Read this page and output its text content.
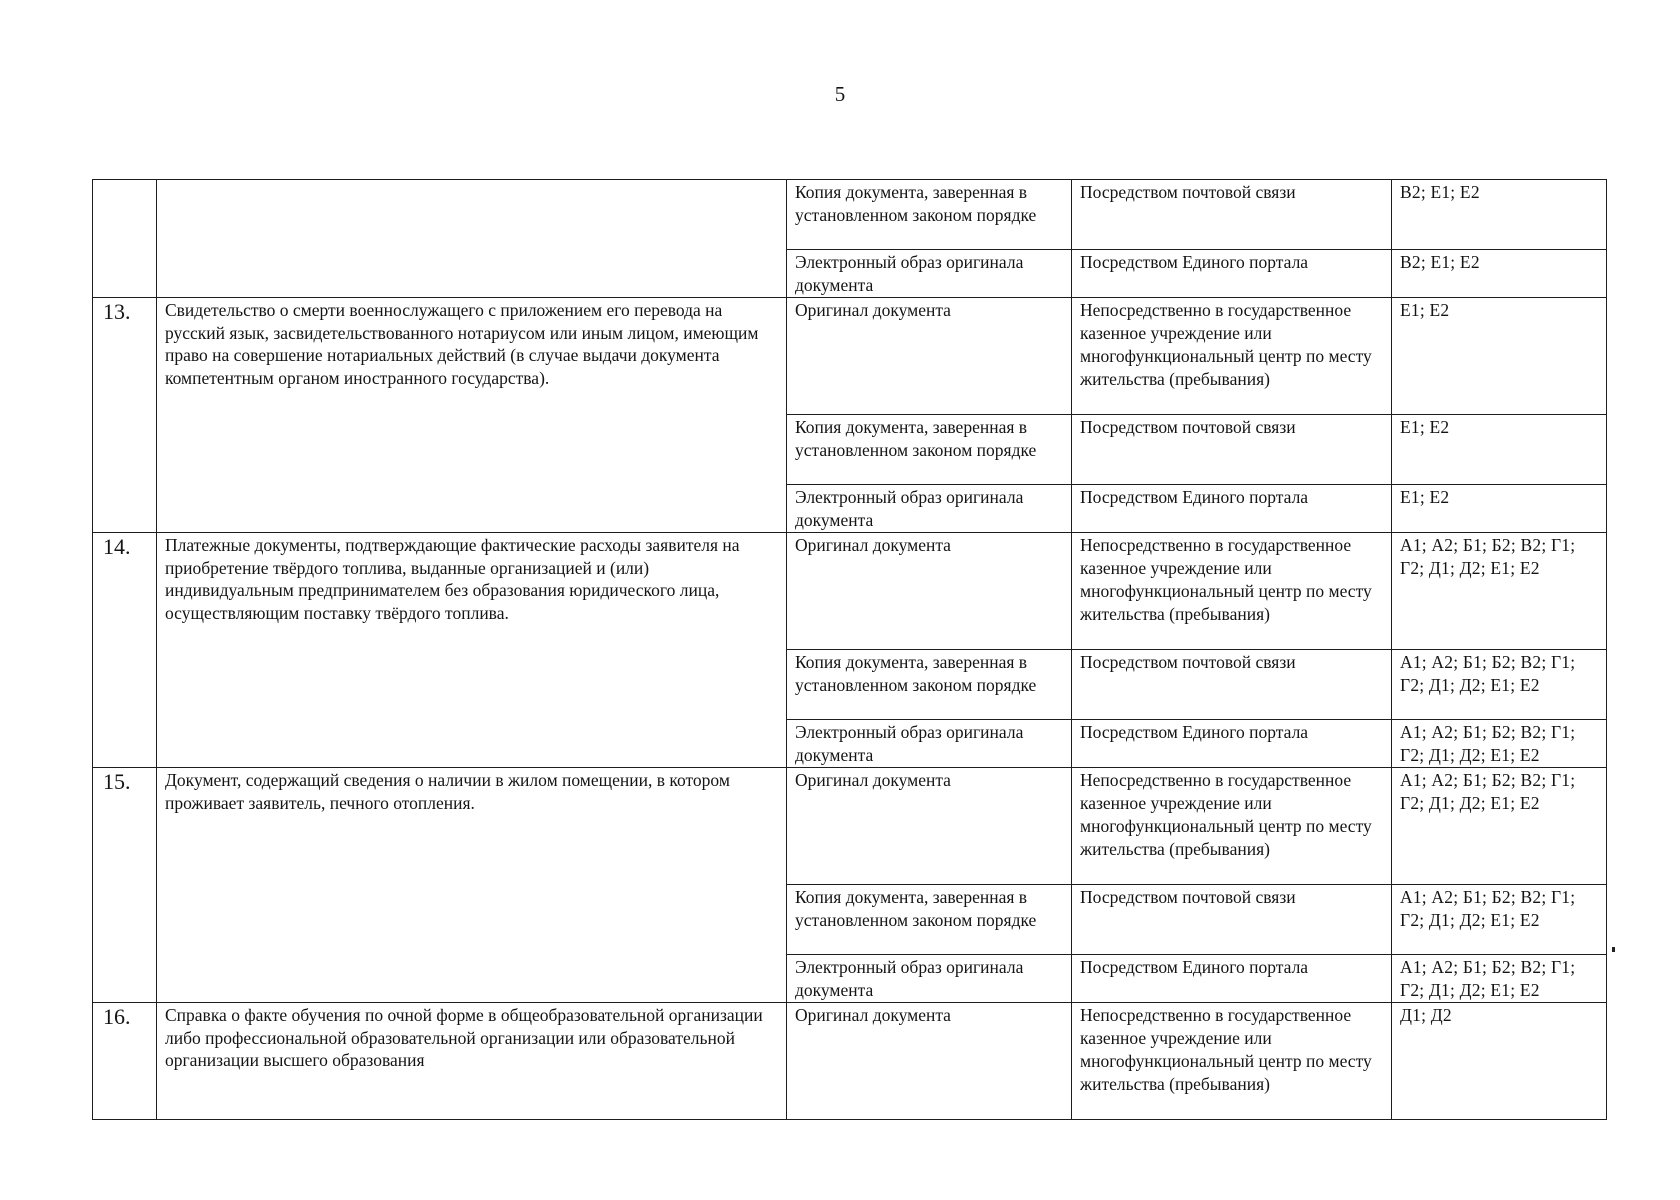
5
		Копия документа, заверенная в установленном законом порядке	Посредством почтовой связи	В2; Е1; Е2
		Электронный образ оригинала документа	Посредством Единого портала	В2; Е1; Е2
13.	Свидетельство о смерти военнослужащего с приложением его перевода на русский язык, засвидетельствованного нотариусом или иным лицом, имеющим право на совершение нотариальных действий (в случае выдачи документа компетентным органом иностранного государства).	Оригинал документа	Непосредственно в государственное казенное учреждение или многофункциональный центр по месту жительства (пребывания)	Е1; Е2
		Копия документа, заверенная в установленном законом порядке	Посредством почтовой связи	Е1; Е2
		Электронный образ оригинала документа	Посредством Единого портала	Е1; Е2
14.	Платежные документы, подтверждающие фактические расходы заявителя на приобретение твёрдого топлива, выданные организацией и (или) индивидуальным предпринимателем без образования юридического лица, осуществляющим поставку твёрдого топлива.	Оригинал документа	Непосредственно в государственное казенное учреждение или многофункциональный центр по месту жительства (пребывания)	А1; А2; Б1; Б2; В2; Г1; Г2; Д1; Д2; Е1; Е2
		Копия документа, заверенная в установленном законом порядке	Посредством почтовой связи	А1; А2; Б1; Б2; В2; Г1; Г2; Д1; Д2; Е1; Е2
		Электронный образ оригинала документа	Посредством Единого портала	А1; А2; Б1; Б2; В2; Г1; Г2; Д1; Д2; Е1; Е2
15.	Документ, содержащий сведения о наличии в жилом помещении, в котором проживает заявитель, печного отопления.	Оригинал документа	Непосредственно в государственное казенное учреждение или многофункциональный центр по месту жительства (пребывания)	А1; А2; Б1; Б2; В2; Г1; Г2; Д1; Д2; Е1; Е2
		Копия документа, заверенная в установленном законом порядке	Посредством почтовой связи	А1; А2; Б1; Б2; В2; Г1; Г2; Д1; Д2; Е1; Е2
		Электронный образ оригинала документа	Посредством Единого портала	А1; А2; Б1; Б2; В2; Г1; Г2; Д1; Д2; Е1; Е2
16.	Справка о факте обучения по очной форме в общеобразовательной организации либо профессиональной образовательной организации или образовательной организации высшего образования	Оригинал документа	Непосредственно в государственное казенное учреждение или многофункциональный центр по месту жительства (пребывания)	Д1; Д2
